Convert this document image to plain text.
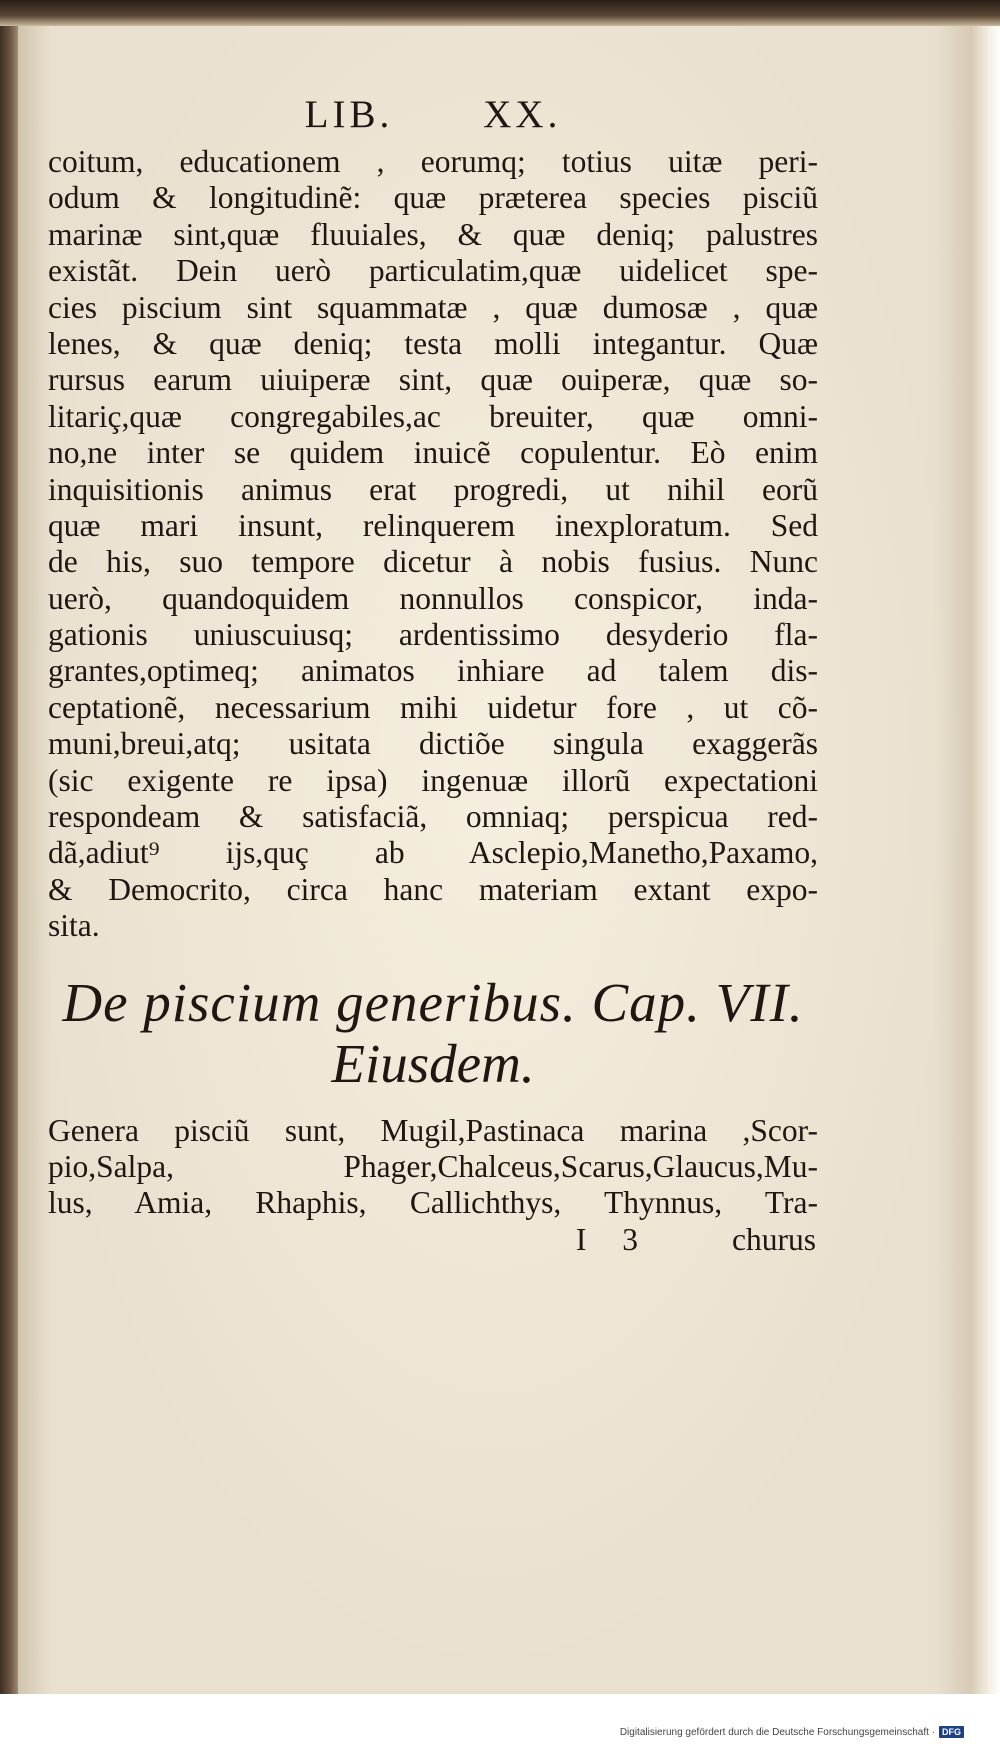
LIB. XX.
coitum, educationem , eorumq; totius uitæ peri-
odum & longitudinẽ: quæ præterea species pisciũ
marinæ sint,quæ fluuiales, & quæ deniq; palustres
existãt. Dein uerò particulatim,quæ uidelicet spe-
cies piscium sint squammatæ , quæ dumosæ , quæ
lenes, & quæ deniq; testa molli integantur. Quæ
rursus earum uiuiperæ sint, quæ ouiperæ, quæ so-
litariç,quæ congregabiles,ac breuiter, quæ omni-
no,ne inter se quidem inuicẽ copulentur. Eò enim
inquisitionis animus erat progredi, ut nihil eorũ
quæ mari insunt, relinquerem inexploratum. Sed
de his, suo tempore dicetur à nobis fusius. Nunc
uerò, quandoquidem nonnullos conspicor, inda-
gationis uniuscuiusq; ardentissimo desyderio fla-
grantes,optimeq; animatos inhiare ad talem dis-
ceptationẽ, necessarium mihi uidetur fore , ut cõ-
muni,breui,atq; usitata dictiõe singula exaggerãs
(sic exigente re ipsa) ingenuæ illorũ expectationi
respondeam & satisfaciã, omniaq; perspicua red-
dã,adiut⁹ ijs,quç ab Asclepio,Manetho,Paxamo,
& Democrito, circa hanc materiam extant expo-
sita.
De piscium generibus. Cap. VII.
Eiusdem.
Genera pisciũ sunt, Mugil,Pastinaca marina ,Scor-
pio,Salpa, Phager,Chalceus,Scarus,Glaucus,Mu-
lus, Amia, Rhaphis, Callichthys, Thynnus, Tra-
I 3	churus
Digitalisierung gefördert durch die Deutsche Forschungsgemeinschaft · DFG
